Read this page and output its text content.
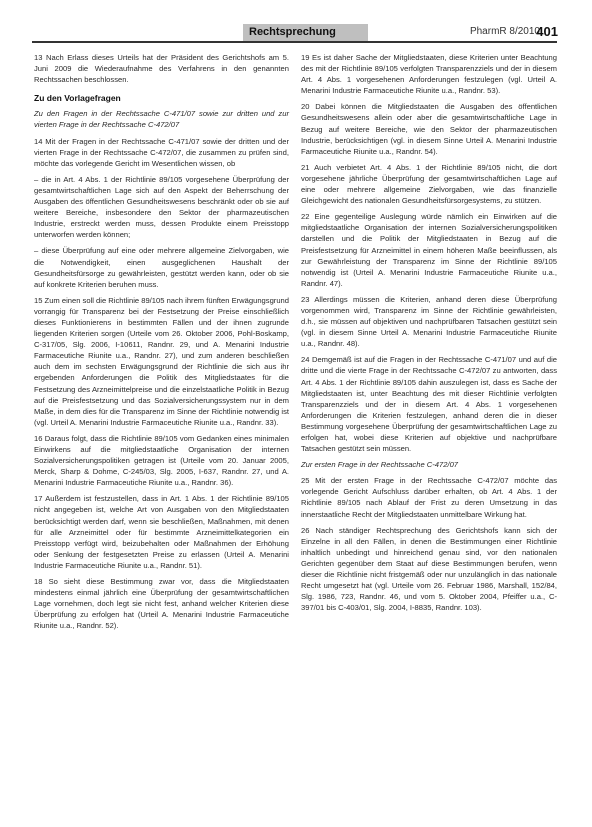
Rechtsprechung	PharmR 8/2010
401
13 Nach Erlass dieses Urteils hat der Präsident des Gerichtshofs am 5. Juni 2009 die Wiederaufnahme des Verfahrens in den genannten Rechtssachen beschlossen.
Zu den Vorlagefragen
Zu den Fragen in der Rechtssache C-471/07 sowie zur dritten und zur vierten Frage in der Rechtssache C-472/07
14 Mit der Fragen in der Rechtssache C-471/07 sowie der dritten und der vierten Frage in der Rechtssache C-472/07, die zusammen zu prüfen sind, möchte das vorlegende Gericht im Wesentlichen wissen, ob
– die in Art. 4 Abs. 1 der Richtlinie 89/105 vorgesehene Überprüfung der gesamtwirtschaftlichen Lage sich auf den Aspekt der Beherrschung der Ausgaben des öffentlichen Gesundheitswesens beschränkt oder ob sie auf weitere Bereiche, insbesondere den Sektor der pharmazeutischen Industrie, erstreckt werden muss, dessen Produkte einem Preisstopp unterworfen werden können;
– diese Überprüfung auf eine oder mehrere allgemeine Zielvorgaben, wie die Notwendigkeit, einen ausgeglichenen Haushalt der Gesundheitsfürsorge zu gewährleisten, gestützt werden kann, oder ob sie auf konkrete Kriterien beruhen muss.
15 Zum einen soll die Richtlinie 89/105 nach ihrem fünften Erwägungsgrund vorrangig für Transparenz bei der Festsetzung der Preise einschließlich dieses Funktionierens in bestimmten Fällen und der ihnen zugrunde liegenden Kriterien sorgen (Urteile vom 26. Oktober 2006, Pohl-Boskamp, C-317/05, Slg. 2006, I-10611, Randnr. 29, und A. Menarini Industrie Farmaceutiche Riunite u.a., Randnr. 27), und zum anderen beschließen auch dem im sechsten Erwägungsgrund der Richtlinie die sich aus ihr ergebenden Anforderungen die Politik des Mitgliedstaates für die Festsetzung des Arzneimittelpreise und die einzelstaatliche Politik in Bezug auf die Preisfestsetzung und das Sozialversicherungssystem nur in dem Maße, in dem dies für die Transparenz im Sinne der Richtlinie notwendig ist (vgl. Urteil A. Menarini Industrie Farmaceutiche Riunite u.a., Randnr. 33).
16 Daraus folgt, dass die Richtlinie 89/105 vom Gedanken eines minimalen Einwirkens auf die mitgliedstaatliche Organisation der internen Sozialversicherungspolitiken getragen ist (Urteile vom 20. Januar 2005, Merck, Sharp & Dohme, C-245/03, Slg. 2005, I-637, Randnr. 27, und A. Menarini Industrie Farmaceutiche Riunite u.a., Randnr. 36).
17 Außerdem ist festzustellen, dass in Art. 1 Abs. 1 der Richtlinie 89/105 nicht angegeben ist, welche Art von Ausgaben von den Mitgliedstaaten berücksichtigt werden darf, wenn sie beschließen, Maßnahmen, mit denen für alle Arzneimittel oder für bestimmte Arzneimittelkategorien ein Preisstopp verfügt wird, beizubehalten oder Maßnahmen der Erhöhung oder Senkung der festgesetzten Preise zu erlassen (Urteil A. Menarini Industrie Farmaceutiche Riunite u.a., Randnr. 51).
18 So sieht diese Bestimmung zwar vor, dass die Mitgliedstaaten mindestens einmal jährlich eine Überprüfung der gesamtwirtschaftlichen Lage vornehmen, doch legt sie nicht fest, anhand welcher Kriterien diese Überprüfung zu erfolgen hat (Urteil A. Menarini Industrie Farmaceutiche Riunite u.a., Randnr. 52).
19 Es ist daher Sache der Mitgliedstaaten, diese Kriterien unter Beachtung des mit der Richtlinie 89/105 verfolgten Transparenzziels und der in diesem Art. 4 Abs. 1 vorgesehenen Anforderungen festzulegen (vgl. Urteil A. Menarini Industrie Farmaceutiche Riunite u.a., Randnr. 53).
20 Dabei können die Mitgliedstaaten die Ausgaben des öffentlichen Gesundheitswesens allein oder aber die gesamtwirtschaftliche Lage in Bezug auf weitere Bereiche, wie den Sektor der pharmazeutischen Industrie, berücksichtigen (vgl. in diesem Sinne Urteil A. Menarini Industrie Farmaceutiche Riunite u.a., Randnr. 54).
21 Auch verbietet Art. 4 Abs. 1 der Richtlinie 89/105 nicht, die dort vorgesehene jährliche Überprüfung der gesamtwirtschaftlichen Lage auf eine oder mehrere allgemeine Zielvorgaben, wie das finanzielle Gleichgewicht des nationalen Gesundheitsfürsorgesystems, zu stützen.
22 Eine gegenteilige Auslegung würde nämlich ein Einwirken auf die mitgliedstaatliche Organisation der internen Sozialversicherungspolitiken darstellen und die Politik der Mitgliedstaaten in Bezug auf die Preisfestsetzung für Arzneimittel in einem höheren Maße beeinflussen, als zur Gewährleistung der Transparenz im Sinne der Richtlinie 89/105 notwendig ist (Urteil A. Menarini Industrie Farmaceutiche Riunite u.a., Randnr. 47).
23 Allerdings müssen die Kriterien, anhand deren diese Überprüfung vorgenommen wird, Transparenz im Sinne der Richtlinie gewährleisten, d.h., sie müssen auf objektiven und nachprüfbaren Tatsachen gestützt sein (vgl. in diesem Sinne Urteil A. Menarini Industrie Farmaceutiche Riunite u.a., Randnr. 48).
24 Demgemäß ist auf die Fragen in der Rechtssache C-471/07 und auf die dritte und die vierte Frage in der Rechtssache C-472/07 zu antworten, dass Art. 4 Abs. 1 der Richtlinie 89/105 dahin auszulegen ist, dass es Sache der Mitgliedstaaten ist, unter Beachtung des mit dieser Richtlinie verfolgten Transparenzziels und der in diesem Art. 4 Abs. 1 vorgesehenen Anforderungen die Kriterien festzulegen, anhand deren die in dieser Bestimmung vorgesehene Überprüfung der gesamtwirtschaftlichen Lage zu erfolgen hat, wobei diese Kriterien auf objektive und nachprüfbare Tatsachen gestützt sein müssen.
Zur ersten Frage in der Rechtssache C-472/07
25 Mit der ersten Frage in der Rechtssache C-472/07 möchte das vorlegende Gericht Aufschluss darüber erhalten, ob Art. 4 Abs. 1 der Richtlinie 89/105 nach Ablauf der Frist zu deren Umsetzung in das innerstaatliche Recht der Mitgliedstaaten unmittelbare Wirkung hat.
26 Nach ständiger Rechtsprechung des Gerichtshofs kann sich der Einzelne in all den Fällen, in denen die Bestimmungen einer Richtlinie inhaltlich unbedingt und hinreichend genau sind, vor den nationalen Gerichten gegenüber dem Staat auf diese Bestimmungen berufen, wenn dieser die Richtlinie nicht fristgemäß oder nur unzulänglich in das nationale Recht umgesetzt hat (vgl. Urteile vom 26. Februar 1986, Marshall, 152/84, Slg. 1986, 723, Randnr. 46, und vom 5. Oktober 2004, Pfeiffer u.a., C-397/01 bis C-403/01, Slg. 2004, I-8835, Randnr. 103).
